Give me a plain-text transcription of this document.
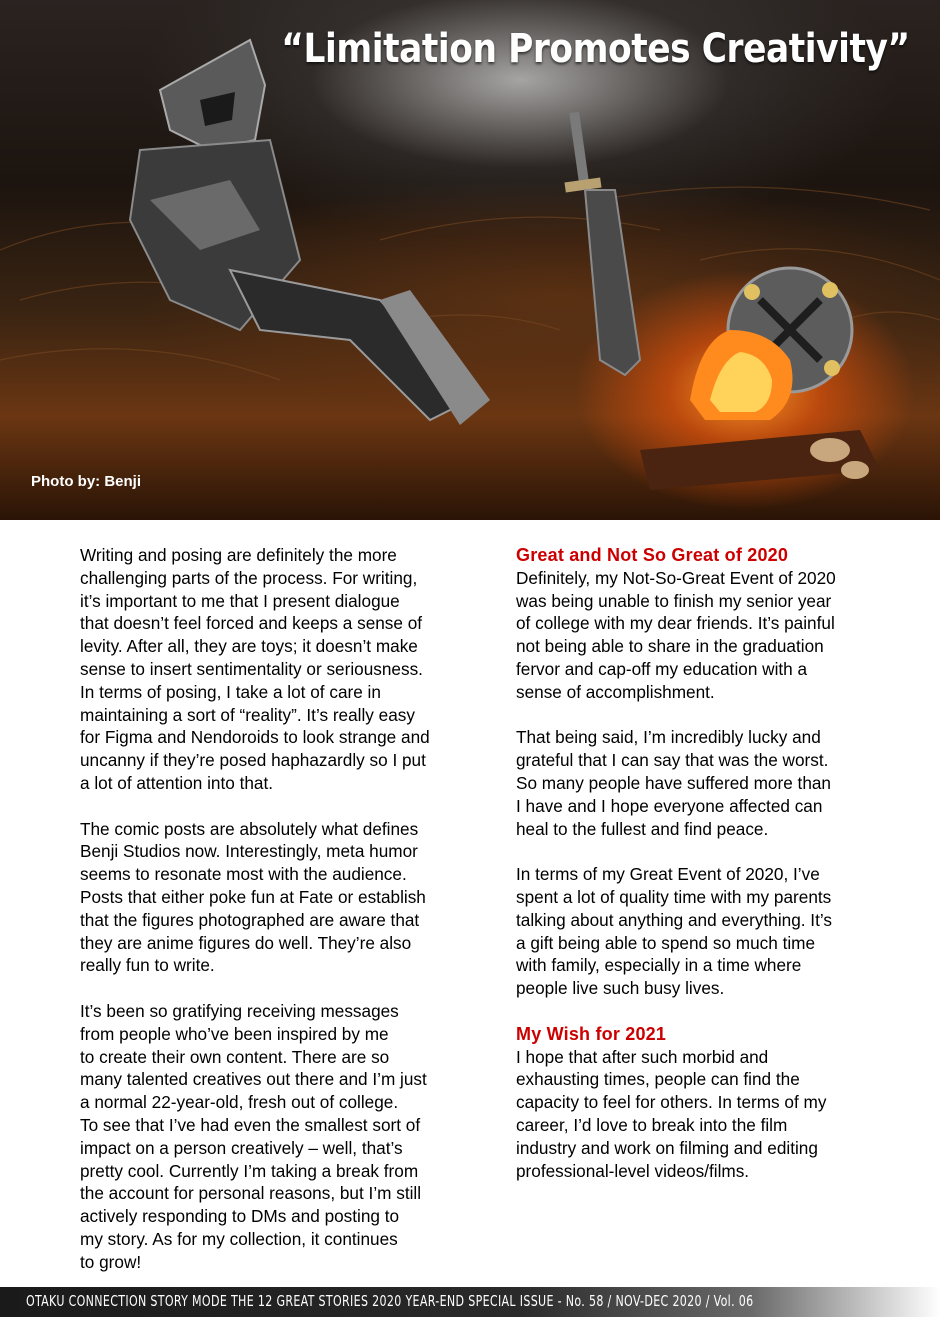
“Limitation Promotes Creativity”
Photo by: Benji

Writing and posing are definitely the more
challenging parts of the process. For writing,
it’s important to me that I present dialogue
that doesn’t feel forced and keeps a sense of
levity. After all, they are toys; it doesn’t make
sense to insert sentimentality or seriousness.
In terms of posing, I take a lot of care in
maintaining a sort of “reality”. It’s really easy
for Figma and Nendoroids to look strange and
uncanny if they’re posed haphazardly so I put
a lot of attention into that.

The comic posts are absolutely what defines
Benji Studios now. Interestingly, meta humor
seems to resonate most with the audience.
Posts that either poke fun at Fate or establish
that the figures photographed are aware that
they are anime figures do well. They’re also
really fun to write.

It’s been so gratifying receiving messages
from people who’ve been inspired by me
to create their own content. There are so
many talented creatives out there and I’m just
a normal 22-year-old, fresh out of college.
To see that I’ve had even the smallest sort of
impact on a person creatively – well, that’s
pretty cool. Currently I’m taking a break from
the account for personal reasons, but I’m still
actively responding to DMs and posting to
my story. As for my collection, it continues
to grow!

Great and Not So Great of 2020

Definitely, my Not-So-Great Event of 2020
was being unable to finish my senior year
of college with my dear friends. It’s painful
not being able to share in the graduation
fervor and cap-off my education with a
sense of accomplishment.

That being said, I’m incredibly lucky and
grateful that I can say that was the worst.
So many people have suffered more than
I have and I hope everyone affected can
heal to the fullest and find peace.

In terms of my Great Event of 2020, I’ve
spent a lot of quality time with my parents
talking about anything and everything. It’s
a gift being able to spend so much time
with family, especially in a time where
people live such busy lives.

My Wish for 2021

I hope that after such morbid and
exhausting times, people can find the
capacity to feel for others. In terms of my
career, I’d love to break into the film
industry and work on filming and editing
professional-level videos/films.

OTAKU CONNECTION STORY MODE THE 12 GREAT STORIES 2020 YEAR-END SPECIAL ISSUE - No. 58 / NOV-DEC 2020 / Vol. 06
